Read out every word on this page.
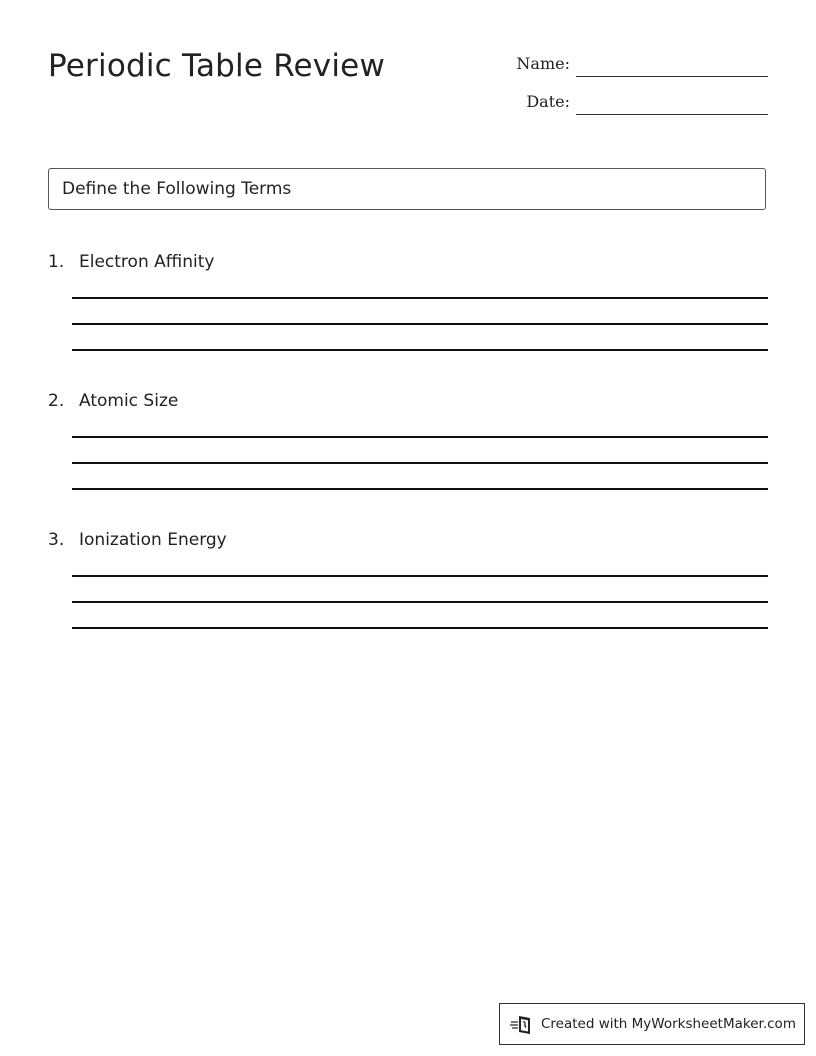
Periodic Table Review	Name:
Date:
Define the Following Terms
1. Electron Affinity
2. Atomic Size
3. Ionization Energy
Created with MyWorksheetMaker.com
